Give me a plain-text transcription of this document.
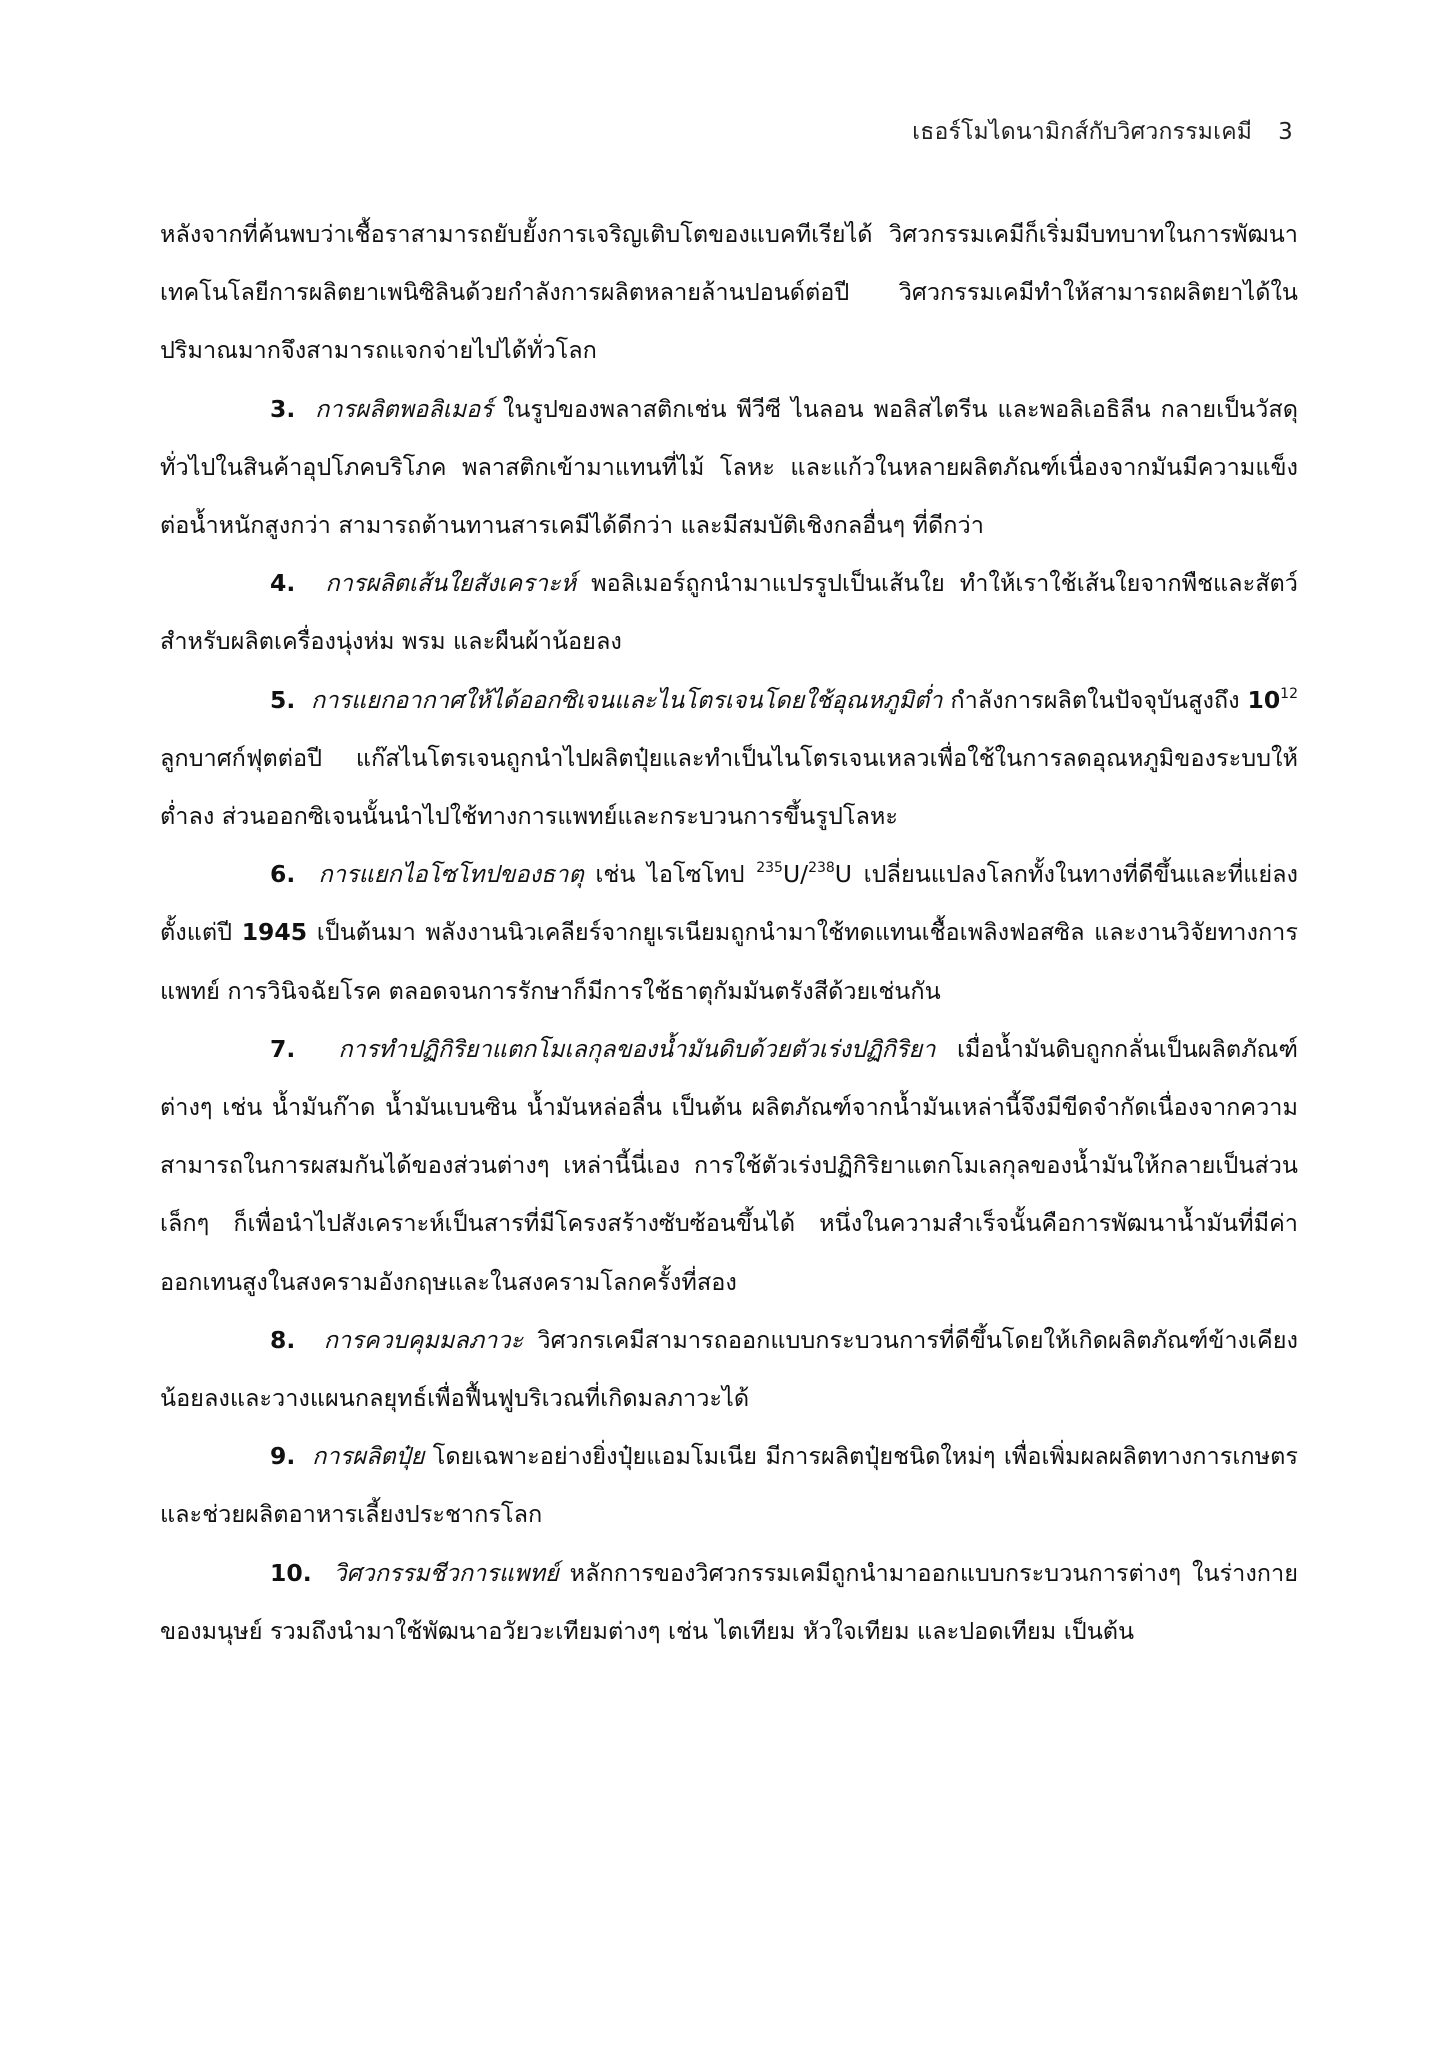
เธอร์โมไดนามิกส์กับวิศวกรรมเคมี 3

หลังจากที่ค้นพบว่าเชื้อราสามารถยับยั้งการเจริญเติบโตของแบคทีเรียได้ วิศวกรรมเคมีก็เริ่มมีบทบาทในการพัฒนาเทคโนโลยีการผลิตยาเพนิซิลินด้วยกำลังการผลิตหลายล้านปอนด์ต่อปี วิศวกรรมเคมีทำให้สามารถผลิตยาได้ในปริมาณมากจึงสามารถแจกจ่ายไปได้ทั่วโลก

3. การผลิตพอลิเมอร์ ในรูปของพลาสติกเช่น พีวีซี ไนลอน พอลิสไตรีน และพอลิเอธิลีน กลายเป็นวัสดุทั่วไปในสินค้าอุปโภคบริโภค พลาสติกเข้ามาแทนที่ไม้ โลหะ และแก้วในหลายผลิตภัณฑ์เนื่องจากมันมีความแข็งต่อน้ำหนักสูงกว่า สามารถต้านทานสารเคมีได้ดีกว่า และมีสมบัติเชิงกลอื่นๆ ที่ดีกว่า

4. การผลิตเส้นใยสังเคราะห์ พอลิเมอร์ถูกนำมาแปรรูปเป็นเส้นใย ทำให้เราใช้เส้นใยจากพืชและสัตว์สำหรับผลิตเครื่องนุ่งห่ม พรม และผืนผ้าน้อยลง

5. การแยกอากาศให้ได้ออกซิเจนและไนโตรเจนโดยใช้อุณหภูมิต่ำ กำลังการผลิตในปัจจุบันสูงถึง $10^{12}$ ลูกบาศก์ฟุตต่อปี แก๊สไนโตรเจนถูกนำไปผลิตปุ๋ยและทำเป็นไนโตรเจนเหลวเพื่อใช้ในการลดอุณหภูมิของระบบให้ต่ำลง ส่วนออกซิเจนนั้นนำไปใช้ทางการแพทย์และกระบวนการขึ้นรูปโลหะ

6. การแยกไอโซโทปของธาตุ เช่น ไอโซโทป $^{235}$U/$^{238}$U เปลี่ยนแปลงโลกทั้งในทางที่ดีขึ้นและที่แย่ลงตั้งแต่ปี 1945 เป็นต้นมา พลังงานนิวเคลียร์จากยูเรเนียมถูกนำมาใช้ทดแทนเชื้อเพลิงฟอสซิล และงานวิจัยทางการแพทย์ การวินิจฉัยโรค ตลอดจนการรักษาก็มีการใช้ธาตุกัมมันตรังสีด้วยเช่นกัน

7. การทำปฏิกิริยาแตกโมเลกุลของน้ำมันดิบด้วยตัวเร่งปฏิกิริยา เมื่อน้ำมันดิบถูกกลั่นเป็นผลิตภัณฑ์ต่างๆ เช่น น้ำมันก๊าด น้ำมันเบนซิน น้ำมันหล่อลื่น เป็นต้น ผลิตภัณฑ์จากน้ำมันเหล่านี้จึงมีขีดจำกัดเนื่องจากความสามารถในการผสมกันได้ของส่วนต่างๆ เหล่านี้นี่เอง การใช้ตัวเร่งปฏิกิริยาแตกโมเลกุลของน้ำมันให้กลายเป็นส่วนเล็กๆ ก็เพื่อนำไปสังเคราะห์เป็นสารที่มีโครงสร้างซับซ้อนขึ้นได้ หนึ่งในความสำเร็จนั้นคือการพัฒนาน้ำมันที่มีค่าออกเทนสูงในสงครามอังกฤษและในสงครามโลกครั้งที่สอง

8. การควบคุมมลภาวะ วิศวกรเคมีสามารถออกแบบกระบวนการที่ดีขึ้นโดยให้เกิดผลิตภัณฑ์ข้างเคียงน้อยลงและวางแผนกลยุทธ์เพื่อฟื้นฟูบริเวณที่เกิดมลภาวะได้

9. การผลิตปุ๋ย โดยเฉพาะอย่างยิ่งปุ๋ยแอมโมเนีย มีการผลิตปุ๋ยชนิดใหม่ๆ เพื่อเพิ่มผลผลิตทางการเกษตรและช่วยผลิตอาหารเลี้ยงประชากรโลก

10. วิศวกรรมชีวการแพทย์ หลักการของวิศวกรรมเคมีถูกนำมาออกแบบกระบวนการต่างๆ ในร่างกายของมนุษย์ รวมถึงนำมาใช้พัฒนาอวัยวะเทียมต่างๆ เช่น ไตเทียม หัวใจเทียม และปอดเทียม เป็นต้น
